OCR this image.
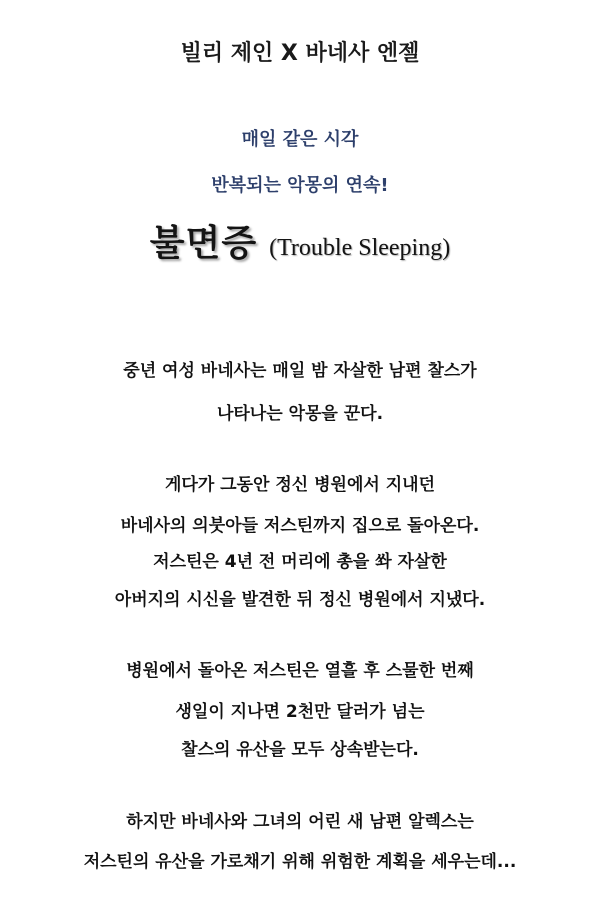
빌리 제인 X 바네사 엔젤
매일 같은 시각
반복되는 악몽의 연속!
불면증 (Trouble Sleeping)
중년 여성 바네사는 매일 밤 자살한 남편 찰스가
나타나는 악몽을 꾼다.
게다가 그동안 정신 병원에서 지내던
바네사의 의붓아들 저스틴까지 집으로 돌아온다.
저스틴은 4년 전 머리에 총을 쏴 자살한
아버지의 시신을 발견한 뒤 정신 병원에서 지냈다.
병원에서 돌아온 저스틴은 열흘 후 스물한 번째
생일이 지나면 2천만 달러가 넘는
찰스의 유산을 모두 상속받는다.
하지만 바네사와 그녀의 어린 새 남편 알렉스는
저스틴의 유산을 가로채기 위해 위험한 계획을 세우는데...
